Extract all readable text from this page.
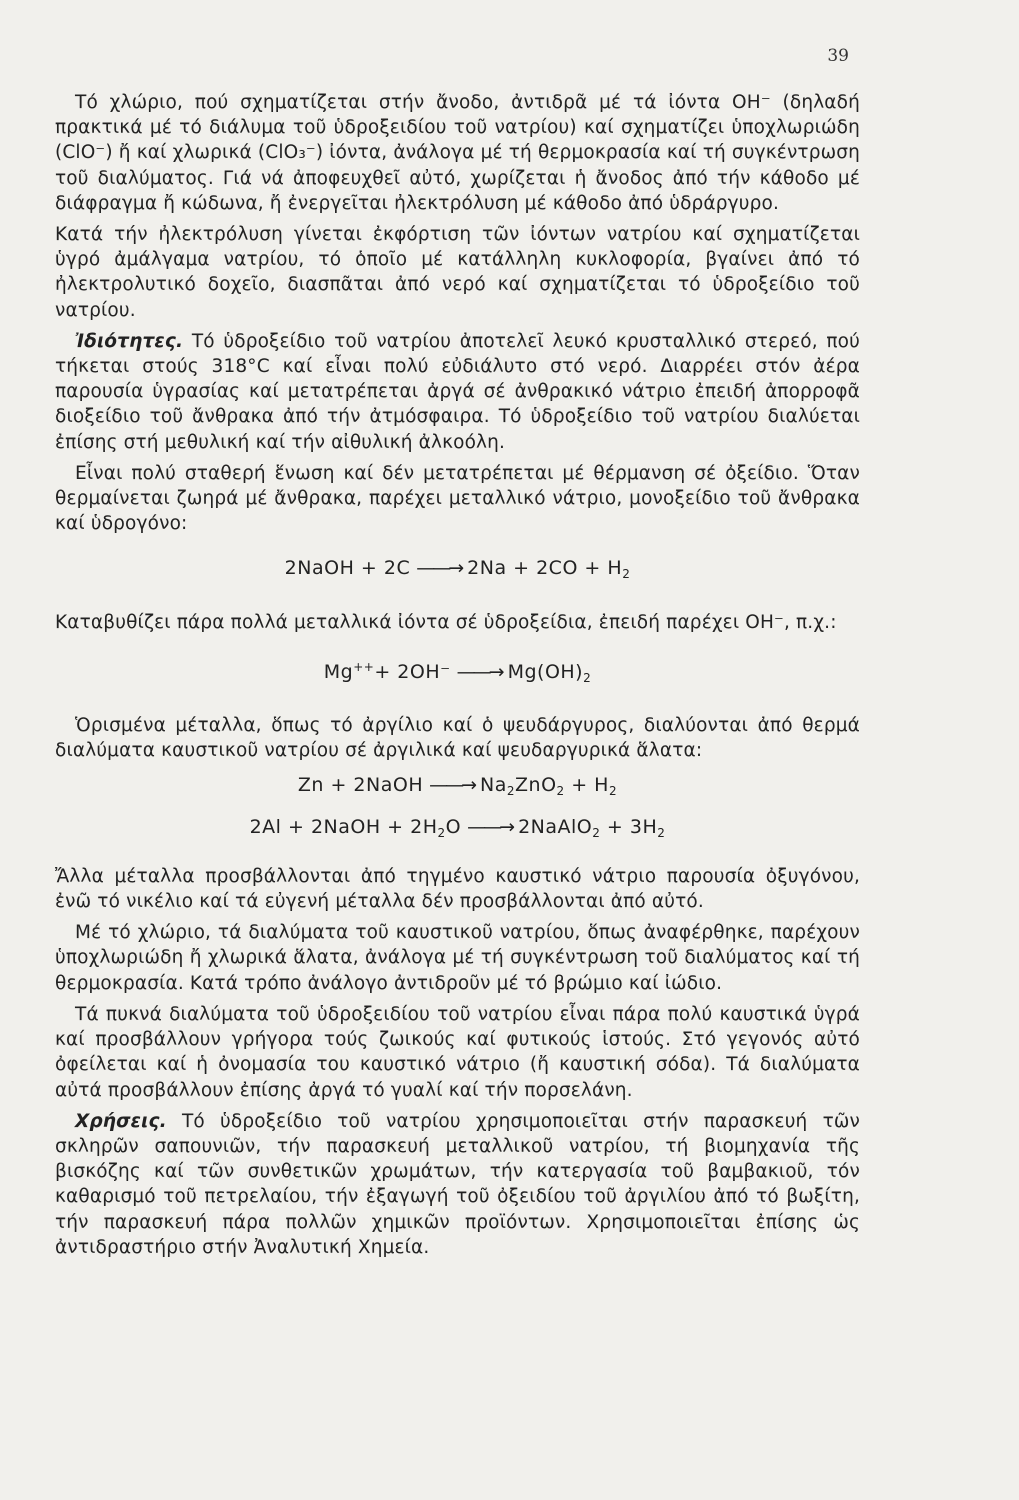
39

Τό χλώριο, πού σχηματίζεται στήν ἄνοδο, ἀντιδρᾶ μέ τά ἰόντα OH⁻ (δηλαδή πρακτικά μέ τό διάλυμα τοῦ ὑδροξειδίου τοῦ νατρίου) καί σχηματίζει ὑποχλωριώδη (ClO⁻) ἤ καί χλωρικά (ClO₃⁻) ἰόντα, ἀνάλογα μέ τή θερμοκρασία καί τή συγκέντρωση τοῦ διαλύματος. Γιά νά ἀποφευχθεῖ αὐτό, χωρίζεται ἡ ἄνοδος ἀπό τήν κάθοδο μέ διάφραγμα ἤ κώδωνα, ἤ ἐνεργεῖται ἠλεκτρόλυση μέ κάθοδο ἀπό ὑδράργυρο.

Κατά τήν ἠλεκτρόλυση γίνεται ἐκφόρτιση τῶν ἰόντων νατρίου καί σχηματίζεται ὑγρό ἀμάλγαμα νατρίου, τό ὁποῖο μέ κατάλληλη κυκλοφορία, βγαίνει ἀπό τό ἠλεκτρολυτικό δοχεῖο, διασπᾶται ἀπό νερό καί σχηματίζεται τό ὑδροξείδιο τοῦ νατρίου.

Ἰδιότητες. Τό ὑδροξείδιο τοῦ νατρίου ἀποτελεῖ λευκό κρυσταλλικό στερεό, πού τήκεται στούς 318°C καί εἶναι πολύ εὐδιάλυτο στό νερό. Διαρρέει στόν ἀέρα παρουσία ὑγρασίας καί μετατρέπεται ἀργά σέ ἀνθρακικό νάτριο ἐπειδή ἀπορροφᾶ διοξείδιο τοῦ ἄνθρακα ἀπό τήν ἀτμόσφαιρα. Τό ὑδροξείδιο τοῦ νατρίου διαλύεται ἐπίσης στή μεθυλική καί τήν αἰθυλική ἀλκοόλη.

Εἶναι πολύ σταθερή ἕνωση καί δέν μετατρέπεται μέ θέρμανση σέ ὀξείδιο. Ὅταν θερμαίνεται ζωηρά μέ ἄνθρακα, παρέχει μεταλλικό νάτριο, μονοξείδιο τοῦ ἄνθρακα καί ὑδρογόνο:

2NaOH + 2C ——→ $2Na + 2CO + H_2$

Καταβυθίζει πάρα πολλά μεταλλικά ἰόντα σέ ὑδροξείδια, ἐπειδή παρέχει OH⁻, π.χ.:

Mg+++ 2OH⁻ ——→ $Mg(OH)_2$

Ὁρισμένα μέταλλα, ὅπως τό ἀργίλιο καί ὁ ψευδάργυρος, διαλύονται ἀπό θερμά διαλύματα καυστικοῦ νατρίου σέ ἀργιλικά καί ψευδαργυρικά ἅλατα:

Zn + 2NaOH ——→ $Na_2ZnO_2 + H_2$
2Al + 2NaOH + $2H_2O$ ——→ 2NaAlO$_2$ + $3H_2$

Ἄλλα μέταλλα προσβάλλονται ἀπό τηγμένο καυστικό νάτριο παρουσία ὀξυγόνου, ἐνῶ τό νικέλιο καί τά εὐγενή μέταλλα δέν προσβάλλονται ἀπό αὐτό.

Μέ τό χλώριο, τά διαλύματα τοῦ καυστικοῦ νατρίου, ὅπως ἀναφέρθηκε, παρέχουν ὑποχλωριώδη ἤ χλωρικά ἅλατα, ἀνάλογα μέ τή συγκέντρωση τοῦ διαλύματος καί τή θερμοκρασία. Κατά τρόπο ἀνάλογο ἀντιδροῦν μέ τό βρώμιο καί ἰώδιο.

Τά πυκνά διαλύματα τοῦ ὑδροξειδίου τοῦ νατρίου εἶναι πάρα πολύ καυστικά ὑγρά καί προσβάλλουν γρήγορα τούς ζωικούς καί φυτικούς ἱστούς. Στό γεγονός αὐτό ὀφείλεται καί ἡ ὀνομασία του καυστικό νάτριο (ἤ καυστική σόδα). Τά διαλύματα αὐτά προσβάλλουν ἐπίσης ἀργά τό γυαλί καί τήν πορσελάνη.

Χρήσεις. Τό ὑδροξείδιο τοῦ νατρίου χρησιμοποιεῖται στήν παρασκευή τῶν σκληρῶν σαπουνιῶν, τήν παρασκευή μεταλλικοῦ νατρίου, τή βιομηχανία τῆς βισκόζης καί τῶν συνθετικῶν χρωμάτων, τήν κατεργασία τοῦ βαμβακιοῦ, τόν καθαρισμό τοῦ πετρελαίου, τήν ἐξαγωγή τοῦ ὀξειδίου τοῦ ἀργιλίου ἀπό τό βωξίτη, τήν παρασκευή πάρα πολλῶν χημικῶν προϊόντων. Χρησιμοποιεῖται ἐπίσης ὡς ἀντιδραστήριο στήν Ἀναλυτική Χημεία.
